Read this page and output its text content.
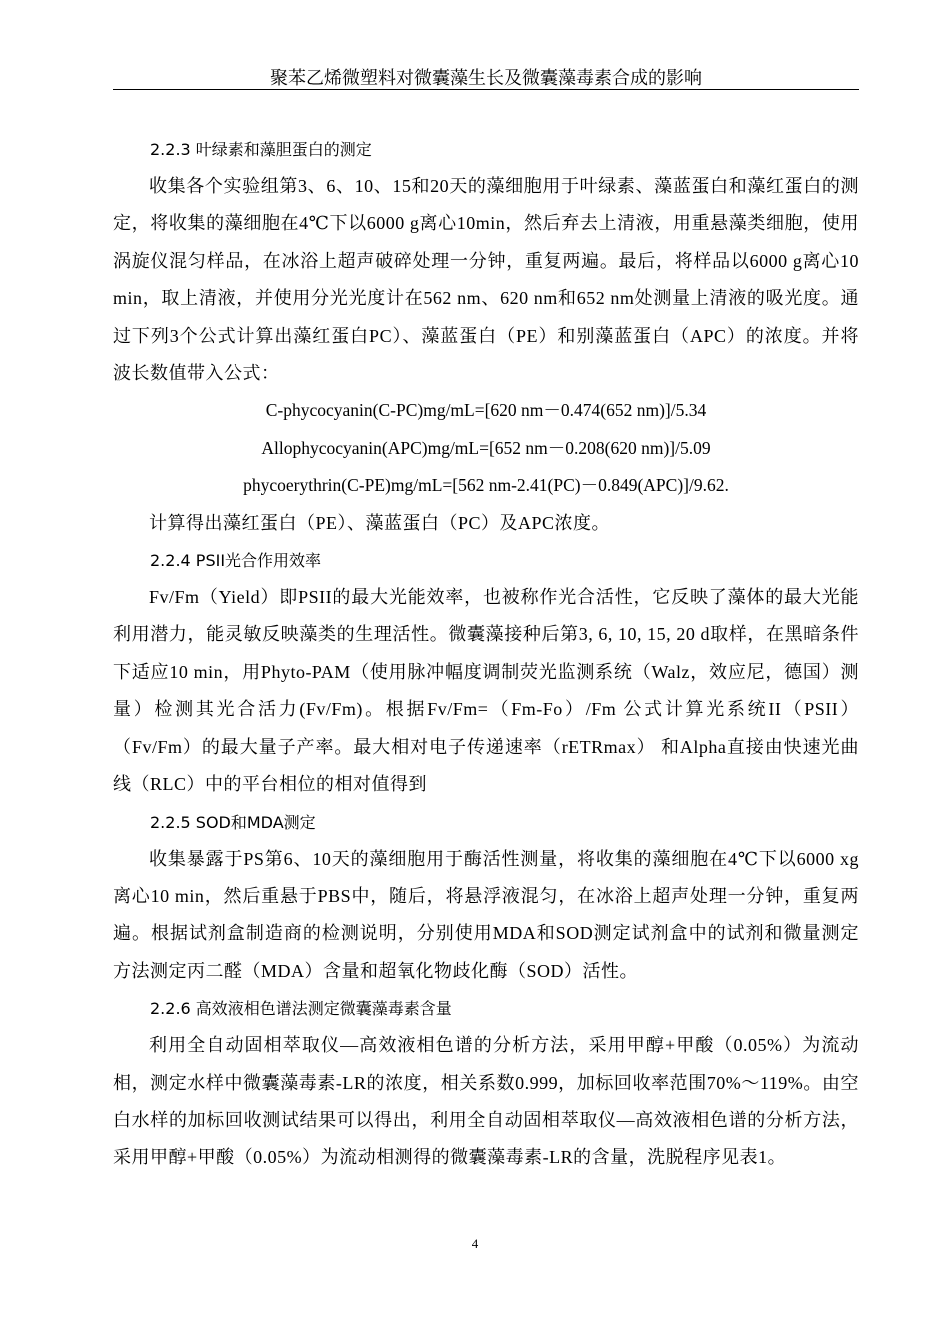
聚苯乙烯微塑料对微囊藻生长及微囊藻毒素合成的影响
2.2.3 叶绿素和藻胆蛋白的测定

收集各个实验组第3、6、10、15和20天的藻细胞用于叶绿素、藻蓝蛋白和藻红蛋白的测定，将收集的藻细胞在4℃下以6000 g离心10min，然后弃去上清液，用重悬藻类细胞，使用涡旋仪混匀样品，在冰浴上超声破碎处理一分钟，重复两遍。最后，将样品以6000 g离心10 min，取上清液，并使用分光光度计在562 nm、620 nm和652 nm处测量上清液的吸光度。通过下列3个公式计算出藻红蛋白PC）、藻蓝蛋白（PE）和别藻蓝蛋白（APC）的浓度。并将波长数值带入公式：

C-phycocyanin(C-PC)mg/mL=[620 nm－0.474(652 nm)]/5.34

Allophycocyanin(APC)mg/mL=[652 nm－0.208(620 nm)]/5.09

phycoerythrin(C-PE)mg/mL=[562 nm-2.41(PC)－0.849(APC)]/9.62.

计算得出藻红蛋白（PE）、藻蓝蛋白（PC）及APC浓度。

2.2.4 PSII光合作用效率

Fv/Fm（Yield）即PSII的最大光能效率，也被称作光合活性，它反映了藻体的最大光能利用潜力，能灵敏反映藻类的生理活性。微囊藻接种后第3, 6, 10, 15, 20 d取样，在黑暗条件下适应10 min，用Phyto-PAM（使用脉冲幅度调制荧光监测系统（Walz，效应尼，德国）测量）检测其光合活力(Fv/Fm)。根据Fv/Fm=（Fm-Fo）/Fm 公式计算光系统II（PSII）（Fv/Fm）的最大量子产率。最大相对电子传递速率（rETRmax） 和Alpha直接由快速光曲线（RLC）中的平台相位的相对值得到

2.2.5 SOD和MDA测定

收集暴露于PS第6、10天的藻细胞用于酶活性测量，将收集的藻细胞在4℃下以6000 xg离心10 min，然后重悬于PBS中，随后，将悬浮液混匀，在冰浴上超声处理一分钟，重复两遍。根据试剂盒制造商的检测说明，分别使用MDA和SOD测定试剂盒中的试剂和微量测定方法测定丙二醛（MDA）含量和超氧化物歧化酶（SOD）活性。

2.2.6 高效液相色谱法测定微囊藻毒素含量

利用全自动固相萃取仪—高效液相色谱的分析方法，采用甲醇+甲酸（0.05%）为流动相，测定水样中微囊藻毒素-LR的浓度，相关系数0.999，加标回收率范围70%～119%。由空白水样的加标回收测试结果可以得出，利用全自动固相萃取仪—高效液相色谱的分析方法，采用甲醇+甲酸（0.05%）为流动相测得的微囊藻毒素-LR的含量，洗脱程序见表1。

4
